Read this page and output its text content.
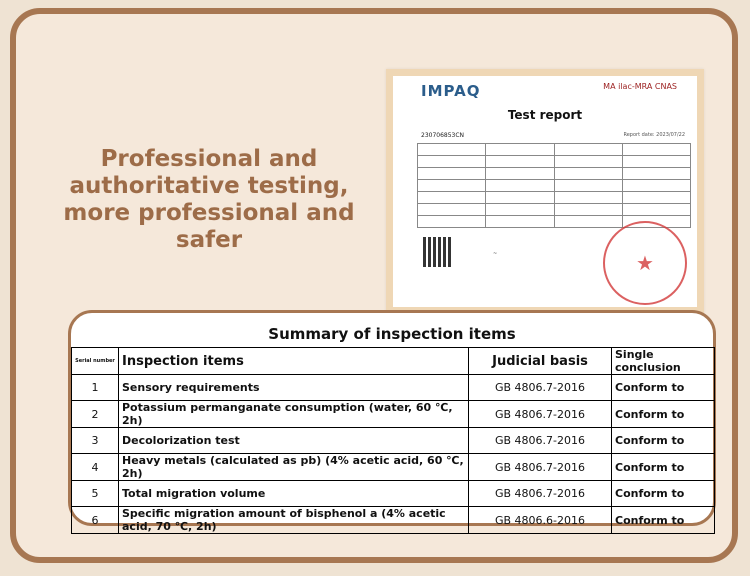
Professional and authoritative testing, more professional and safer
IMPAQ	MA ilac-MRA CNAS
Test report
230706853CN	Report date: 2023/07/22

~	★
Summary of inspection items
Serial number	Inspection items	Judicial basis	Single conclusion
1	Sensory requirements	GB 4806.7-2016	Conform to
2	Potassium permanganate consumption (water, 60 ℃, 2h)	GB 4806.7-2016	Conform to
3	Decolorization test	GB 4806.7-2016	Conform to
4	Heavy metals (calculated as pb) (4% acetic acid, 60 ℃, 2h)	GB 4806.7-2016	Conform to
5	Total migration volume	GB 4806.7-2016	Conform to
6	Specific migration amount of bisphenol a (4% acetic acid, 70 ℃, 2h)	GB 4806.6-2016	Conform to
